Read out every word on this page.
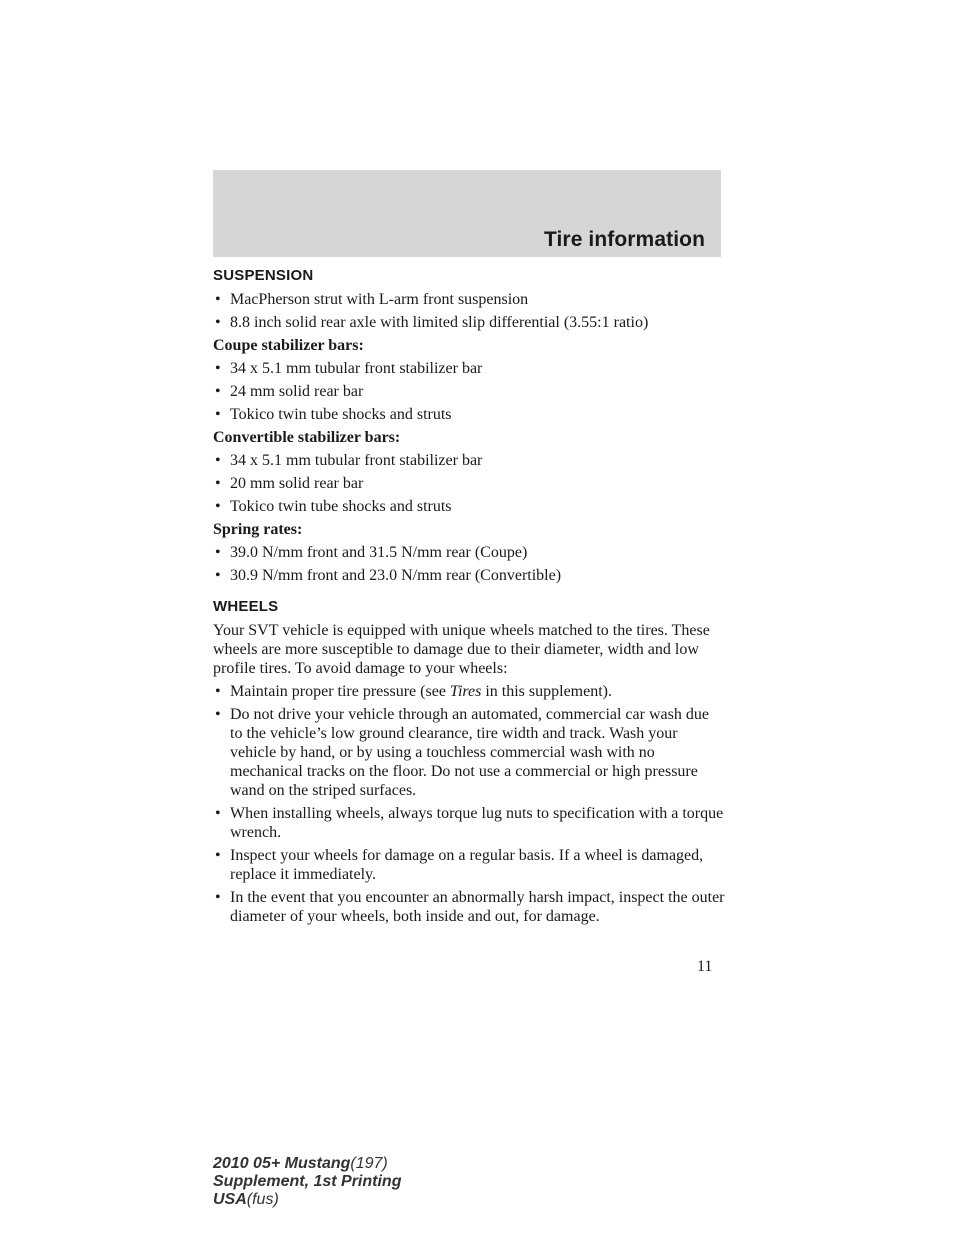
Tire information
SUSPENSION
• MacPherson strut with L-arm front suspension
• 8.8 inch solid rear axle with limited slip differential (3.55:1 ratio)
Coupe stabilizer bars:
• 34 x 5.1 mm tubular front stabilizer bar
• 24 mm solid rear bar
• Tokico twin tube shocks and struts
Convertible stabilizer bars:
• 34 x 5.1 mm tubular front stabilizer bar
• 20 mm solid rear bar
• Tokico twin tube shocks and struts
Spring rates:
• 39.0 N/mm front and 31.5 N/mm rear (Coupe)
• 30.9 N/mm front and 23.0 N/mm rear (Convertible)
WHEELS

Your SVT vehicle is equipped with unique wheels matched to the tires. These wheels are more susceptible to damage due to their diameter, width and low profile tires. To avoid damage to your wheels:

• Maintain proper tire pressure (see Tires in this supplement).
• Do not drive your vehicle through an automated, commercial car wash due to the vehicle’s low ground clearance, tire width and track. Wash your vehicle by hand, or by using a touchless commercial wash with no mechanical tracks on the floor. Do not use a commercial or high pressure wand on the striped surfaces.
• When installing wheels, always torque lug nuts to specification with a torque wrench.
• Inspect your wheels for damage on a regular basis. If a wheel is damaged, replace it immediately.
• In the event that you encounter an abnormally harsh impact, inspect the outer diameter of your wheels, both inside and out, for damage.
11
2010 05+ Mustang(197)
Supplement, 1st Printing
USA(fus)
